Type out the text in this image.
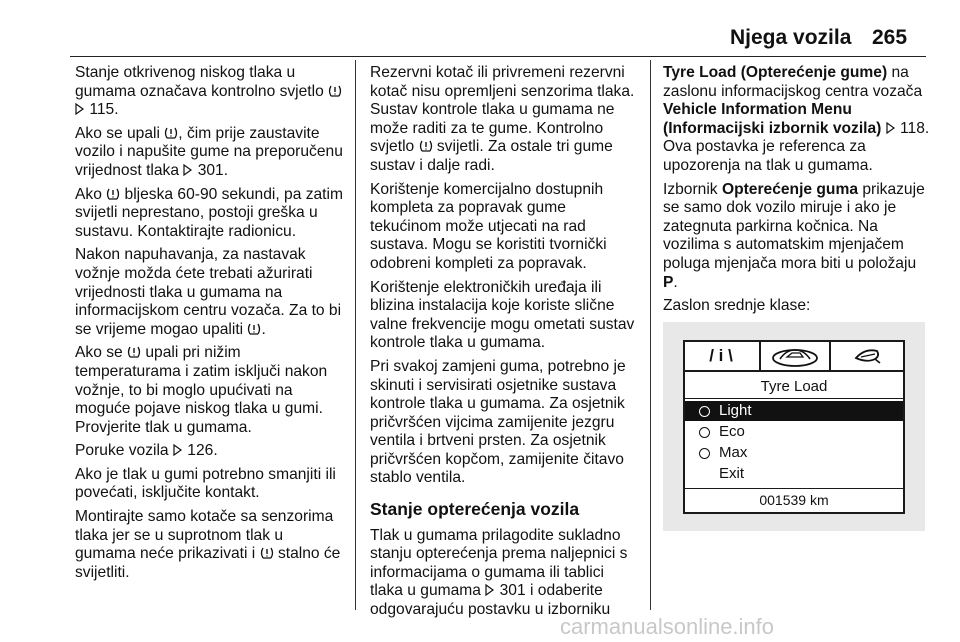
Njega vozila 265

Stanje otkrivenog niskog tlaka u gumama označava kontrolno svjetlo   115.

Ako se upali , čim prije zaustavite vozilo i napušite gume na preporučenu vrijednost tlaka  301.

Ako  bljeska 60-90 sekundi, pa zatim svijetli neprestano, postoji greška u sustavu. Kontaktirajte radionicu.

Nakon napuhavanja, za nastavak vožnje možda ćete trebati ažurirati vrijednosti tlaka u gumama na informacijskom centru vozača. Za to bi se vrijeme mogao upaliti .

Ako se  upali pri nižim temperaturama i zatim isključi nakon vožnje, to bi moglo upućivati na moguće pojave niskog tlaka u gumi. Provjerite tlak u gumama.

Poruke vozila  126.

Ako je tlak u gumi potrebno smanjiti ili povećati, isključite kontakt.

Montirajte samo kotače sa senzorima tlaka jer se u suprotnom tlak u gumama neće prikazivati i  stalno će svijetliti.

Rezervni kotač ili privremeni rezervni kotač nisu opremljeni senzorima tlaka. Sustav kontrole tlaka u gumama ne može raditi za te gume. Kontrolno svjetlo  svijetli. Za ostale tri gume sustav i dalje radi.

Korištenje komercijalno dostupnih kompleta za popravak gume tekućinom može utjecati na rad sustava. Mogu se koristiti tvornički odobreni kompleti za popravak.

Korištenje elektroničkih uređaja ili blizina instalacija koje koriste slične valne frekvencije mogu ometati sustav kontrole tlaka u gumama.

Pri svakoj zamjeni guma, potrebno je skinuti i servisirati osjetnike sustava kontrole tlaka u gumama. Za osjetnik pričvršćen vijcima zamijenite jezgru ventila i brtveni prsten. Za osjetnik pričvršćen kopčom, zamijenite čitavo stablo ventila.

Stanje opterećenja vozila

Tlak u gumama prilagodite sukladno stanju opterećenja prema naljepnici s informacijama o gumama ili tablici tlaka u gumama  301 i odaberite odgovarajuću postavku u izborniku

Tyre Load (Opterećenje gume) na zaslonu informacijskog centra vozača Vehicle Information Menu (Informacijski izbornik vozila) 118. Ova postavka je referenca za upozorenja na tlak u gumama.

Izbornik Opterećenje guma prikazuje se samo dok vozilo miruje i ako je zategnuta parkirna kočnica. Na vozilima s automatskim mjenjačem poluga mjenjača mora biti u položaju P.

Zaslon srednje klase:

/ i \
Tyre Load
Light
Eco
Max
Exit
001539 km
carmanualsonline.info
